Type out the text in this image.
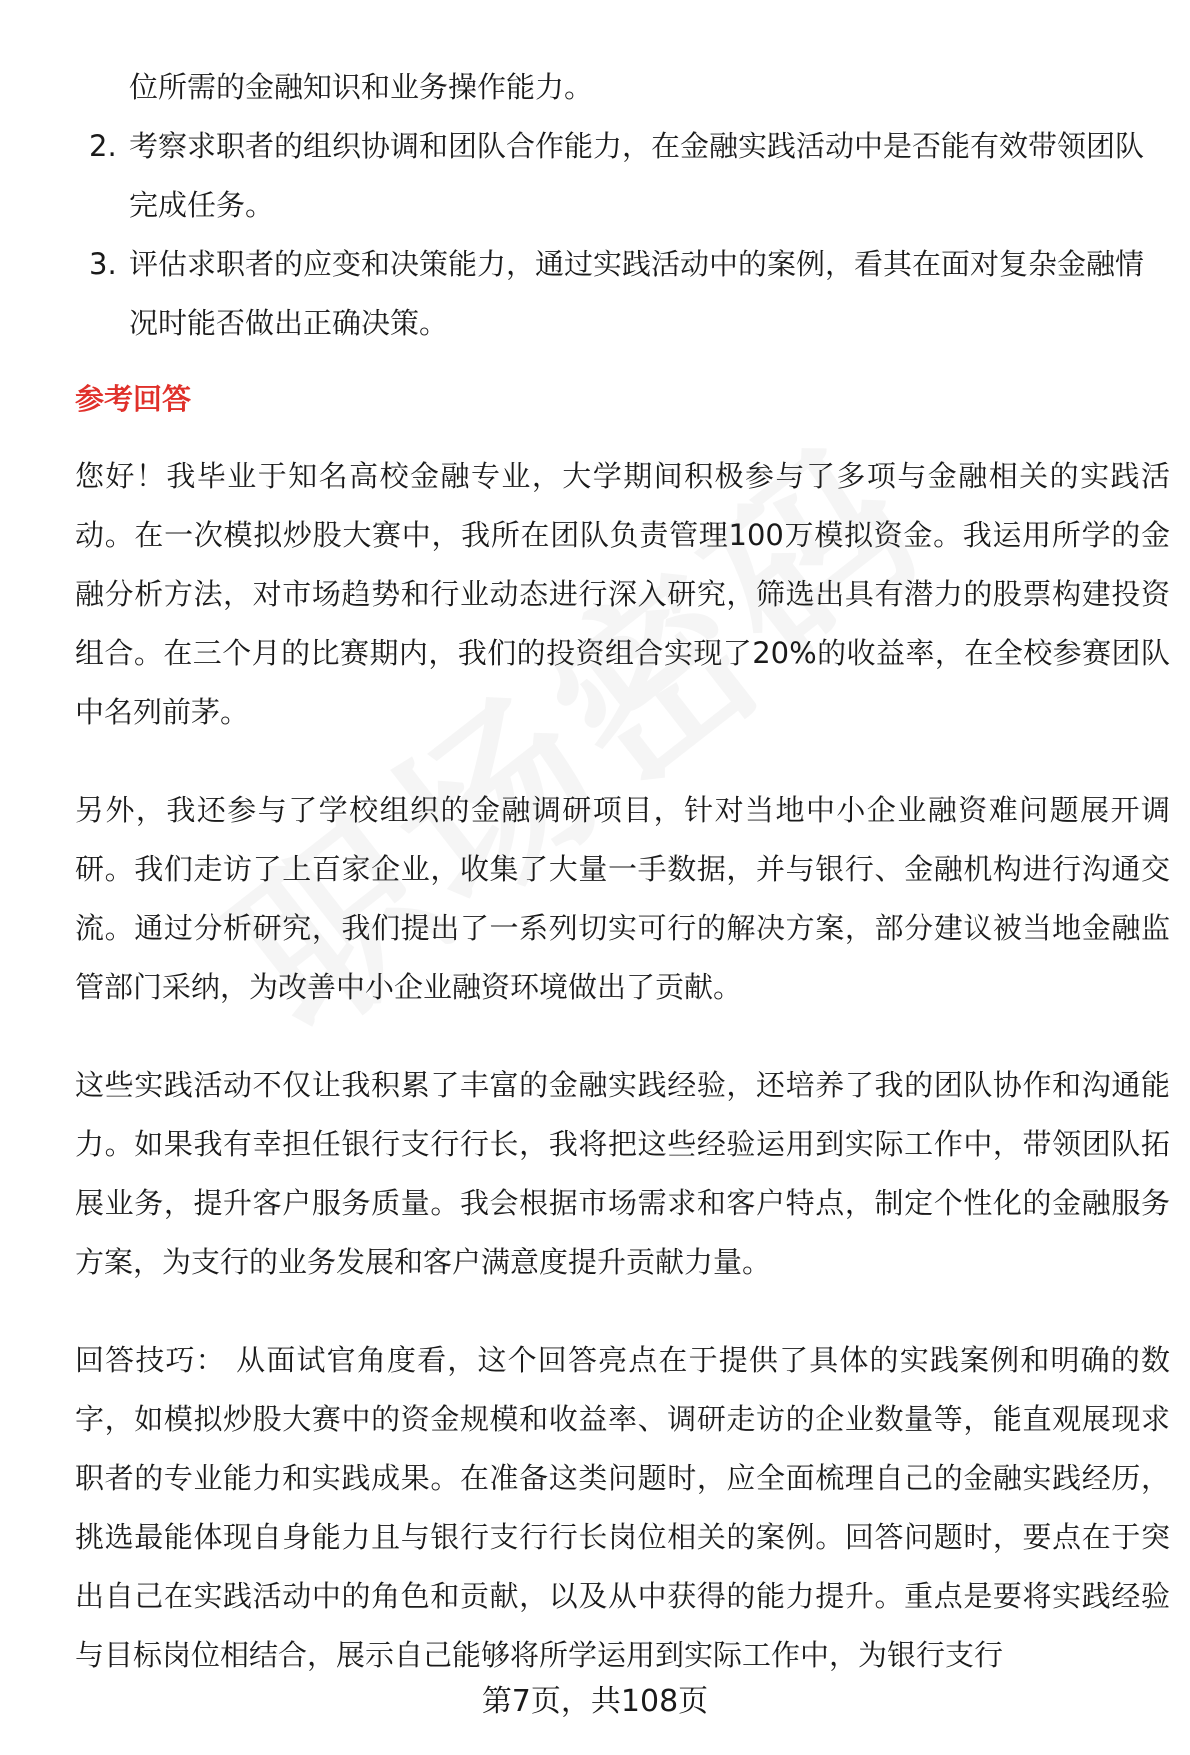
位所需的金融知识和业务操作能力。

2. 考察求职者的组织协调和团队合作能力，在金融实践活动中是否能有效带领团队完成任务。
3. 评估求职者的应变和决策能力，通过实践活动中的案例，看其在面对复杂金融情况时能否做出正确决策。
参考回答

您好！我毕业于知名高校金融专业，大学期间积极参与了多项与金融相关的实践活动。在一次模拟炒股大赛中，我所在团队负责管理100万模拟资金。我运用所学的金融分析方法，对市场趋势和行业动态进行深入研究，筛选出具有潜力的股票构建投资组合。在三个月的比赛期内，我们的投资组合实现了20%的收益率，在全校参赛团队中名列前茅。

另外，我还参与了学校组织的金融调研项目，针对当地中小企业融资难问题展开调研。我们走访了上百家企业，收集了大量一手数据，并与银行、金融机构进行沟通交流。通过分析研究，我们提出了一系列切实可行的解决方案，部分建议被当地金融监管部门采纳，为改善中小企业融资环境做出了贡献。

这些实践活动不仅让我积累了丰富的金融实践经验，还培养了我的团队协作和沟通能力。如果我有幸担任银行支行行长，我将把这些经验运用到实际工作中，带领团队拓展业务，提升客户服务质量。我会根据市场需求和客户特点，制定个性化的金融服务方案，为支行的业务发展和客户满意度提升贡献力量。

回答技巧： 从面试官角度看，这个回答亮点在于提供了具体的实践案例和明确的数字，如模拟炒股大赛中的资金规模和收益率、调研走访的企业数量等，能直观展现求职者的专业能力和实践成果。在准备这类问题时，应全面梳理自己的金融实践经历，挑选最能体现自身能力且与银行支行行长岗位相关的案例。回答问题时，要点在于突出自己在实践活动中的角色和贡献，以及从中获得的能力提升。重点是要将实践经验与目标岗位相结合，展示自己能够将所学运用到实际工作中，为银行支行

第7页，共108页
